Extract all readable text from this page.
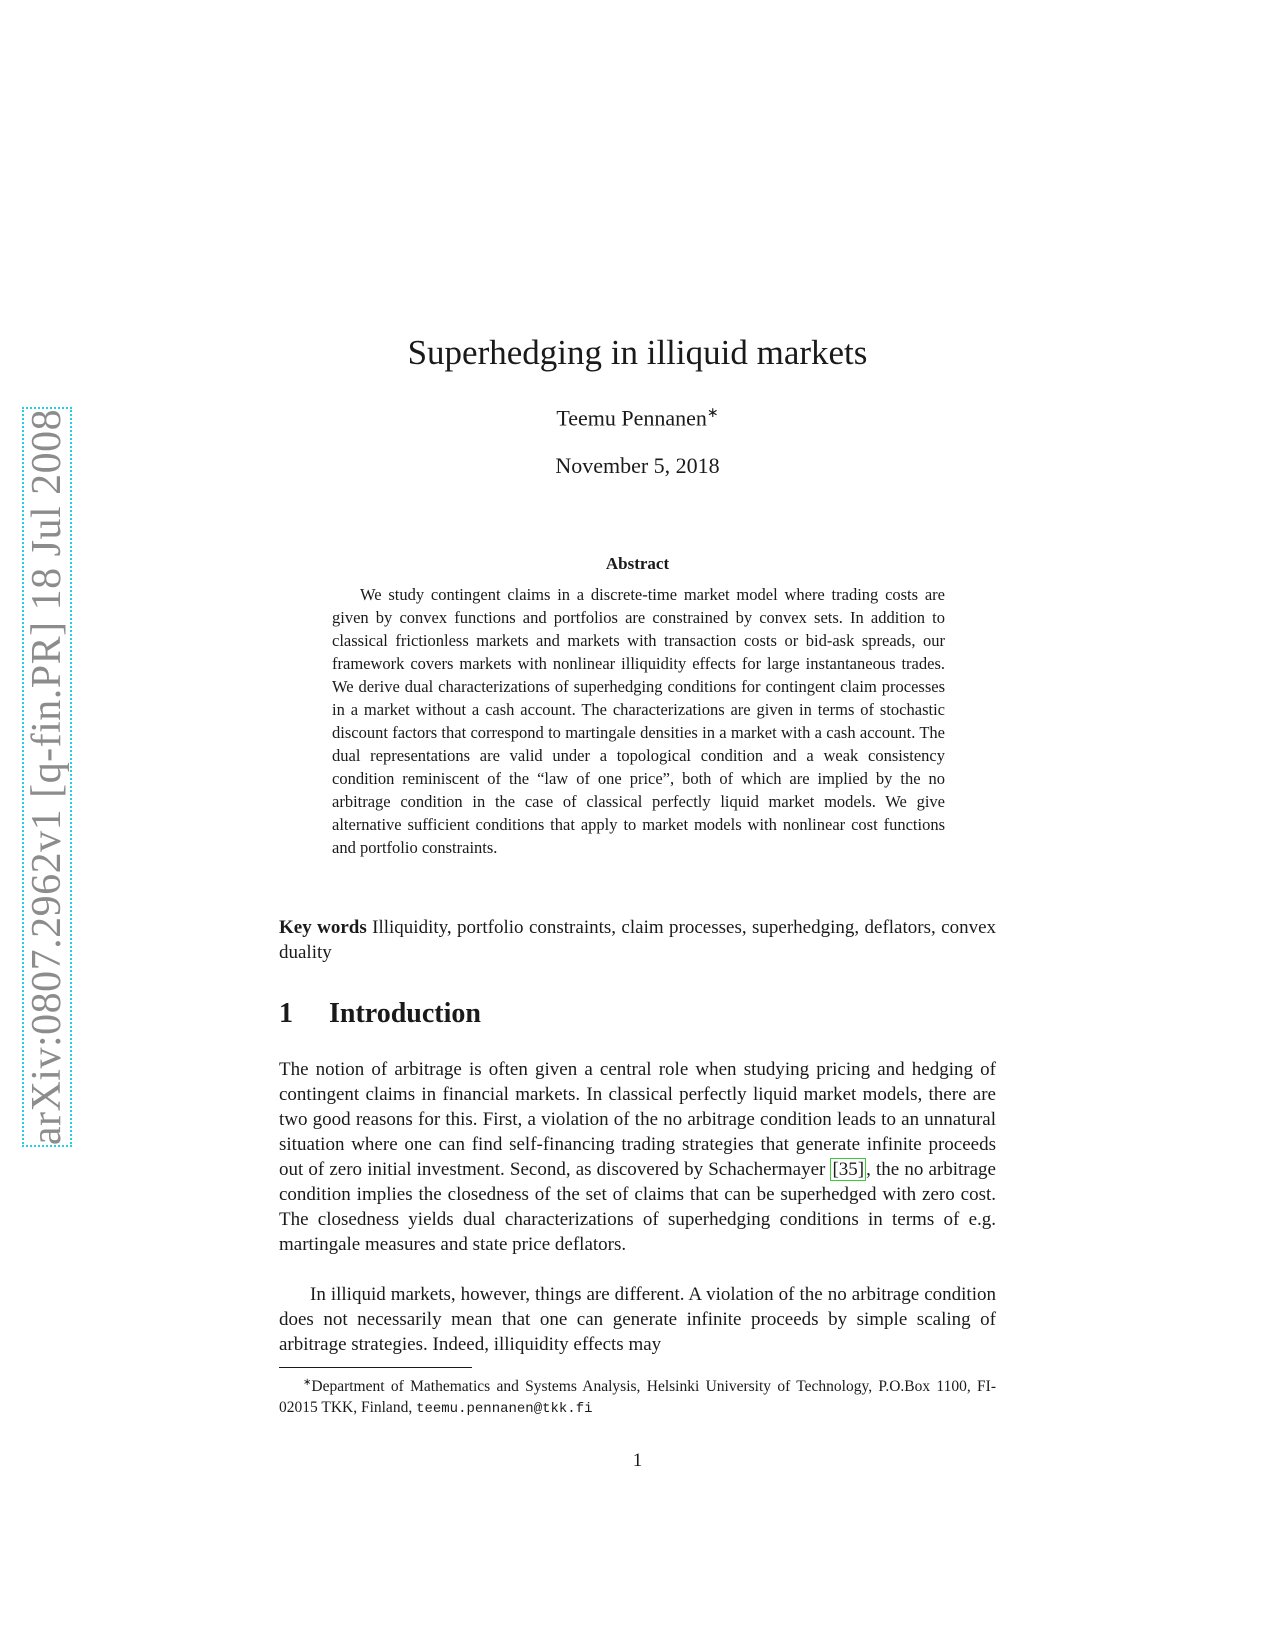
arXiv:0807.2962v1 [q-fin.PR] 18 Jul 2008
Superhedging in illiquid markets
Teemu Pennanen∗
November 5, 2018
Abstract

We study contingent claims in a discrete-time market model where trading costs are given by convex functions and portfolios are constrained by convex sets. In addition to classical frictionless markets and markets with transaction costs or bid-ask spreads, our framework covers markets with nonlinear illiquidity effects for large instantaneous trades. We derive dual characterizations of superhedging conditions for contingent claim processes in a market without a cash account. The characterizations are given in terms of stochastic discount factors that correspond to martingale densities in a market with a cash account. The dual representations are valid under a topological condition and a weak consistency condition reminiscent of the “law of one price”, both of which are implied by the no arbitrage condition in the case of classical perfectly liquid market models. We give alternative sufficient conditions that apply to market models with nonlinear cost functions and portfolio constraints.

Key words Illiquidity, portfolio constraints, claim processes, superhedging, deflators, convex duality

1 Introduction

The notion of arbitrage is often given a central role when studying pricing and hedging of contingent claims in financial markets. In classical perfectly liquid market models, there are two good reasons for this. First, a violation of the no arbitrage condition leads to an unnatural situation where one can find self-financing trading strategies that generate infinite proceeds out of zero initial investment. Second, as discovered by Schachermayer [35] , the no arbitrage condition implies the closedness of the set of claims that can be superhedged with zero cost. The closedness yields dual characterizations of superhedging conditions in terms of e.g. martingale measures and state price deflators.

In illiquid markets, however, things are different. A violation of the no arbitrage condition does not necessarily mean that one can generate infinite proceeds by simple scaling of arbitrage strategies. Indeed, illiquidity effects may

∗Department of Mathematics and Systems Analysis, Helsinki University of Technology, P.O.Box 1100, FI-02015 TKK, Finland, teemu.pennanen@tkk.fi

1
